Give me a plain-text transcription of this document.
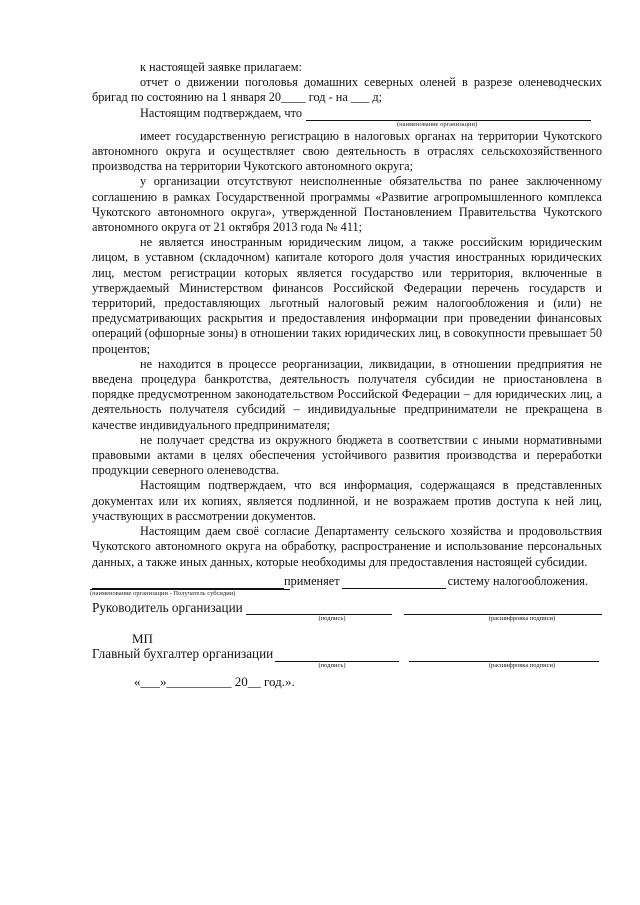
к настоящей заявке прилагаем:

отчет о движении поголовья домашних северных оленей в разрезе оленеводческих бригад по состоянию на 1 января 20____ год - на ___ д;

Настоящим подтверждаем, что
(наименование организации)

имеет государственную регистрацию в налоговых органах на территории Чукотского автономного округа и осуществляет свою деятельность в отраслях сельскохозяйственного производства на территории Чукотского автономного округа;

у организации отсутствуют неисполненные обязательства по ранее заключенному соглашению в рамках Государственной программы «Развитие агропромышленного комплекса Чукотского автономного округа», утвержденной Постановлением Правительства Чукотского автономного округа от 21 октября 2013 года № 411;

не является иностранным юридическим лицом, а также российским юридическим лицом, в уставном (складочном) капитале которого доля участия иностранных юридических лиц, местом регистрации которых является государство или территория, включенные в утверждаемый Министерством финансов Российской Федерации перечень государств и территорий, предоставляющих льготный налоговый режим налогообложения и (или) не предусматривающих раскрытия и предоставления информации при проведении финансовых операций (офшорные зоны) в отношении таких юридических лиц, в совокупности превышает 50 процентов;

не находится в процессе реорганизации, ликвидации, в отношении предприятия не введена процедура банкротства, деятельность получателя субсидии не приостановлена в порядке предусмотренном законодательством Российской Федерации – для юридических лиц, а деятельность получателя субсидий – индивидуальные предприниматели не прекращена в качестве индивидуального предпринимателя;

не получает средства из окружного бюджета в соответствии с иными нормативными правовыми актами в целях обеспечения устойчивого развития производства и переработки продукции северного оленеводства.

Настоящим подтверждаем, что вся информация, содержащаяся в представленных документах или их копиях, является подлинной, и не возражаем против доступа к ней лиц, участвующих в рассмотрении документов.

Настоящим даем своё согласие Департаменту сельского хозяйства и продовольствия Чукотского автономного округа на обработку, распространение и использование персональных данных, а также иных данных, которые необходимы для предоставления настоящей субсидии.

применяет	систему налогообложения.
(наименование организации - Получатель субсидии)
Руководитель организации
(подпись)	(расшифровка подписи)
МП
Главный бухгалтер организации
(подпись)	(расшифровка подписи)
«___»__________ 20__ год.».
